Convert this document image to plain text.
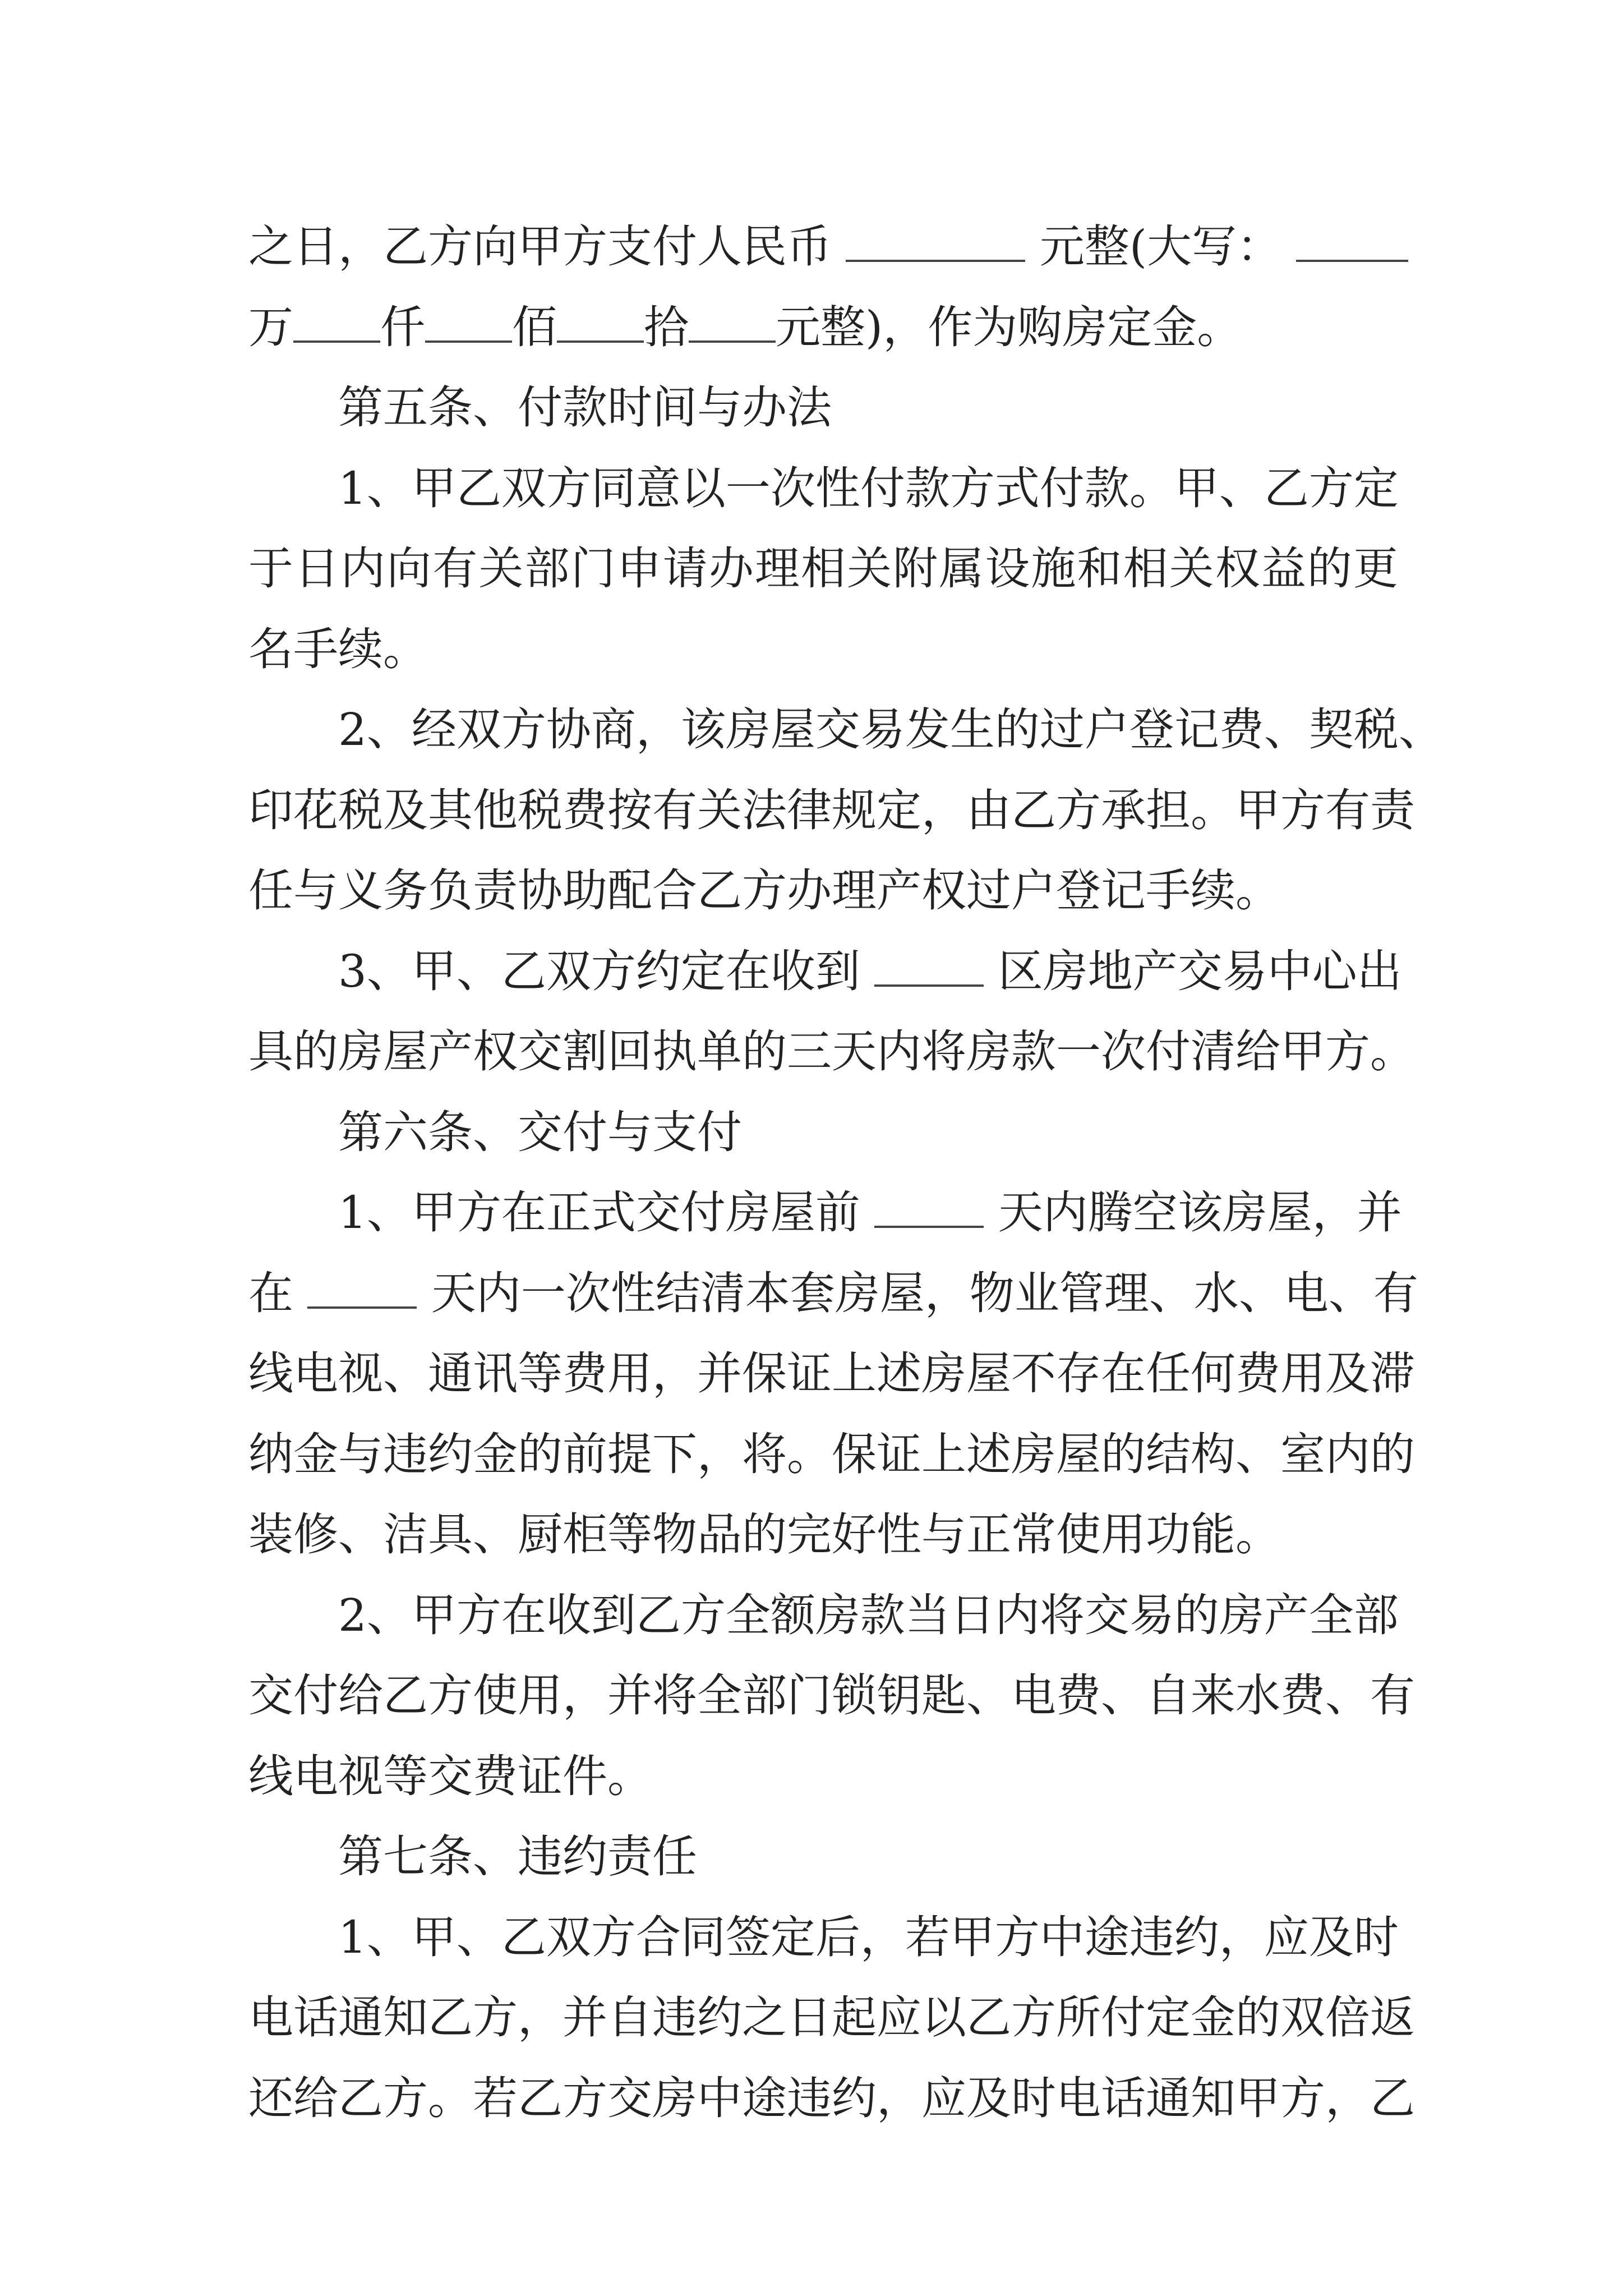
之日，乙方向甲方支付人民币	元整(大写：
万 仟 佰 拾 元整)，作为购房定金。
第五条、付款时间与办法
1、甲乙双方同意以一次性付款方式付款。甲、乙方定
于日内向有关部门申请办理相关附属设施和相关权益的更
名手续。
2、经双方协商，该房屋交易发生的过户登记费、契税、
印花税及其他税费按有关法律规定，由乙方承担。甲方有责
任与义务负责协助配合乙方办理产权过户登记手续。
3、甲、乙双方约定在收到	区房地产交易中心出
具的房屋产权交割回执单的三天内将房款一次付清给甲方。
第六条、交付与支付
1、甲方在正式交付房屋前	天内腾空该房屋，并
在	天内一次性结清本套房屋，物业管理、水、电、有
线电视、通讯等费用，并保证上述房屋不存在任何费用及滞
纳金与违约金的前提下，将。保证上述房屋的结构、室内的
装修、洁具、厨柜等物品的完好性与正常使用功能。
2、甲方在收到乙方全额房款当日内将交易的房产全部
交付给乙方使用，并将全部门锁钥匙、电费、自来水费、有
线电视等交费证件。
第七条、违约责任
1、甲、乙双方合同签定后，若甲方中途违约，应及时
电话通知乙方，并自违约之日起应以乙方所付定金的双倍返
还给乙方。若乙方交房中途违约，应及时电话通知甲方，乙
